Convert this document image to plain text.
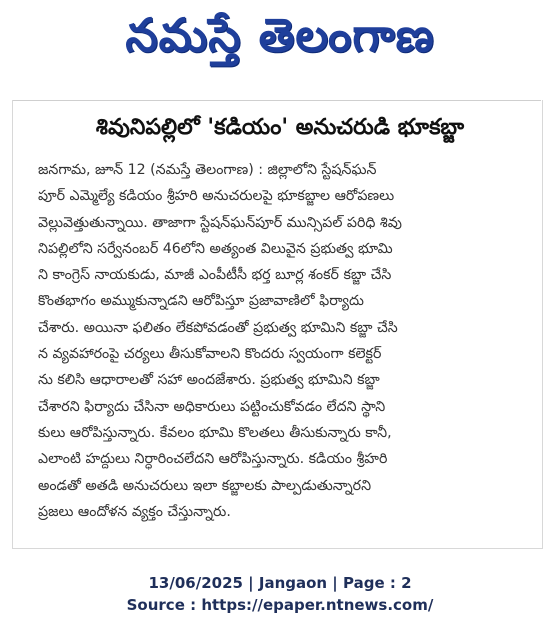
నమస్తే తెలంగాణ
శివునిపల్లిలో 'కడియం' అనుచరుడి భూకబ్జా
జనగామ, జూన్ 12 (నమస్తే తెలంగాణ) : జిల్లాలోని స్టేషన్‌ఘన్
పూర్ ఎమ్మెల్యే కడియం శ్రీహరి అనుచరులపై భూకబ్జాల ఆరోపణలు
వెల్లువెత్తుతున్నాయి. తాజాగా స్టేషన్‌ఘన్‌పూర్ మున్సిపల్ పరిధి శివు
నిపల్లిలోని సర్వేనంబర్ 46లోని అత్యంత విలువైన ప్రభుత్వ భూమి
ని కాంగ్రెస్ నాయకుడు, మాజీ ఎంపీటీసీ భర్త బూర్ల శంకర్ కబ్జా చేసి
కొంతభాగం అమ్ముకున్నాడని ఆరోపిస్తూ ప్రజావాణిలో ఫిర్యాదు
చేశారు. అయినా ఫలితం లేకపోవడంతో ప్రభుత్వ భూమిని కబ్జా చేసి
న వ్యవహారంపై చర్యలు తీసుకోవాలని కొందరు స్వయంగా కలెక్టర్
ను కలిసి ఆధారాలతో సహా అందజేశారు. ప్రభుత్వ భూమిని కబ్జా
చేశారని ఫిర్యాదు చేసినా అధికారులు పట్టించుకోవడం లేదని స్థాని
కులు ఆరోపిస్తున్నారు. కేవలం భూమి కొలతలు తీసుకున్నారు కానీ,
ఎలాంటి హద్దులు నిర్ధారించలేదని ఆరోపిస్తున్నారు. కడియం శ్రీహరి
అండతో అతడి అనుచరులు ఇలా కబ్జాలకు పాల్పడుతున్నారని
ప్రజలు ఆందోళన వ్యక్తం చేస్తున్నారు.
13/06/2025 | Jangaon | Page : 2
Source : https://epaper.ntnews.com/
